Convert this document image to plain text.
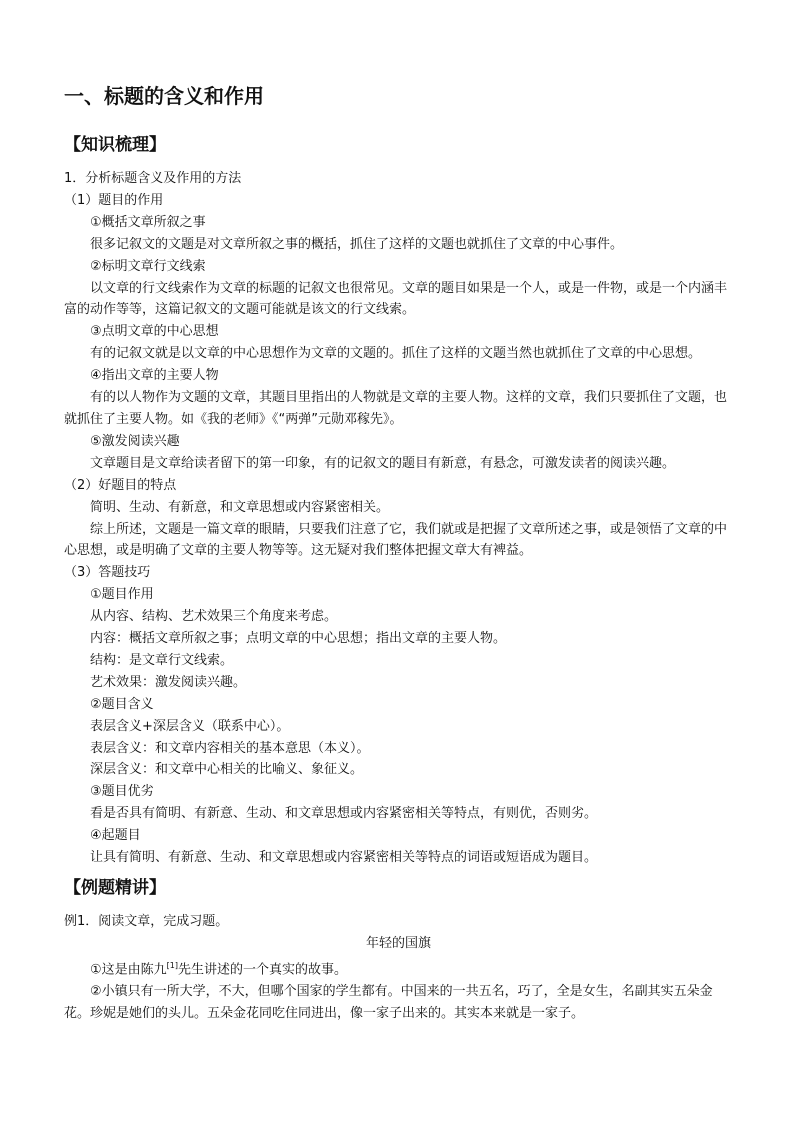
一、标题的含义和作用
【知识梳理】

1．分析标题含义及作用的方法

（1）题目的作用

①概括文章所叙之事

很多记叙文的文题是对文章所叙之事的概括，抓住了这样的文题也就抓住了文章的中心事件。

②标明文章行文线索

以文章的行文线索作为文章的标题的记叙文也很常见。文章的题目如果是一个人，或是一件物，或是一个内涵丰富的动作等等，这篇记叙文的文题可能就是该文的行文线索。

③点明文章的中心思想

有的记叙文就是以文章的中心思想作为文章的文题的。抓住了这样的文题当然也就抓住了文章的中心思想。

④指出文章的主要人物

有的以人物作为文题的文章，其题目里指出的人物就是文章的主要人物。这样的文章，我们只要抓住了文题，也就抓住了主要人物。如《我的老师》《“两弹”元勋邓稼先》。

⑤激发阅读兴趣

文章题目是文章给读者留下的第一印象，有的记叙文的题目有新意，有悬念，可激发读者的阅读兴趣。

（2）好题目的特点

简明、生动、有新意，和文章思想或内容紧密相关。

综上所述，文题是一篇文章的眼睛，只要我们注意了它，我们就或是把握了文章所述之事，或是领悟了文章的中心思想，或是明确了文章的主要人物等等。这无疑对我们整体把握文章大有裨益。

（3）答题技巧

①题目作用

从内容、结构、艺术效果三个角度来考虑。

内容：概括文章所叙之事；点明文章的中心思想；指出文章的主要人物。

结构：是文章行文线索。

艺术效果：激发阅读兴趣。

②题目含义

表层含义+深层含义（联系中心）。

表层含义：和文章内容相关的基本意思（本义）。

深层含义：和文章中心相关的比喻义、象征义。

③题目优劣

看是否具有简明、有新意、生动、和文章思想或内容紧密相关等特点，有则优，否则劣。

④起题目

让具有简明、有新意、生动、和文章思想或内容紧密相关等特点的词语或短语成为题目。

【例题精讲】

例1．阅读文章，完成习题。

年轻的国旗

①这是由陈九[1]先生讲述的一个真实的故事。

②小镇只有一所大学，不大，但哪个国家的学生都有。中国来的一共五名，巧了，全是女生，名副其实五朵金花。珍妮是她们的头儿。五朵金花同吃住同进出，像一家子出来的。其实本来就是一家子。
